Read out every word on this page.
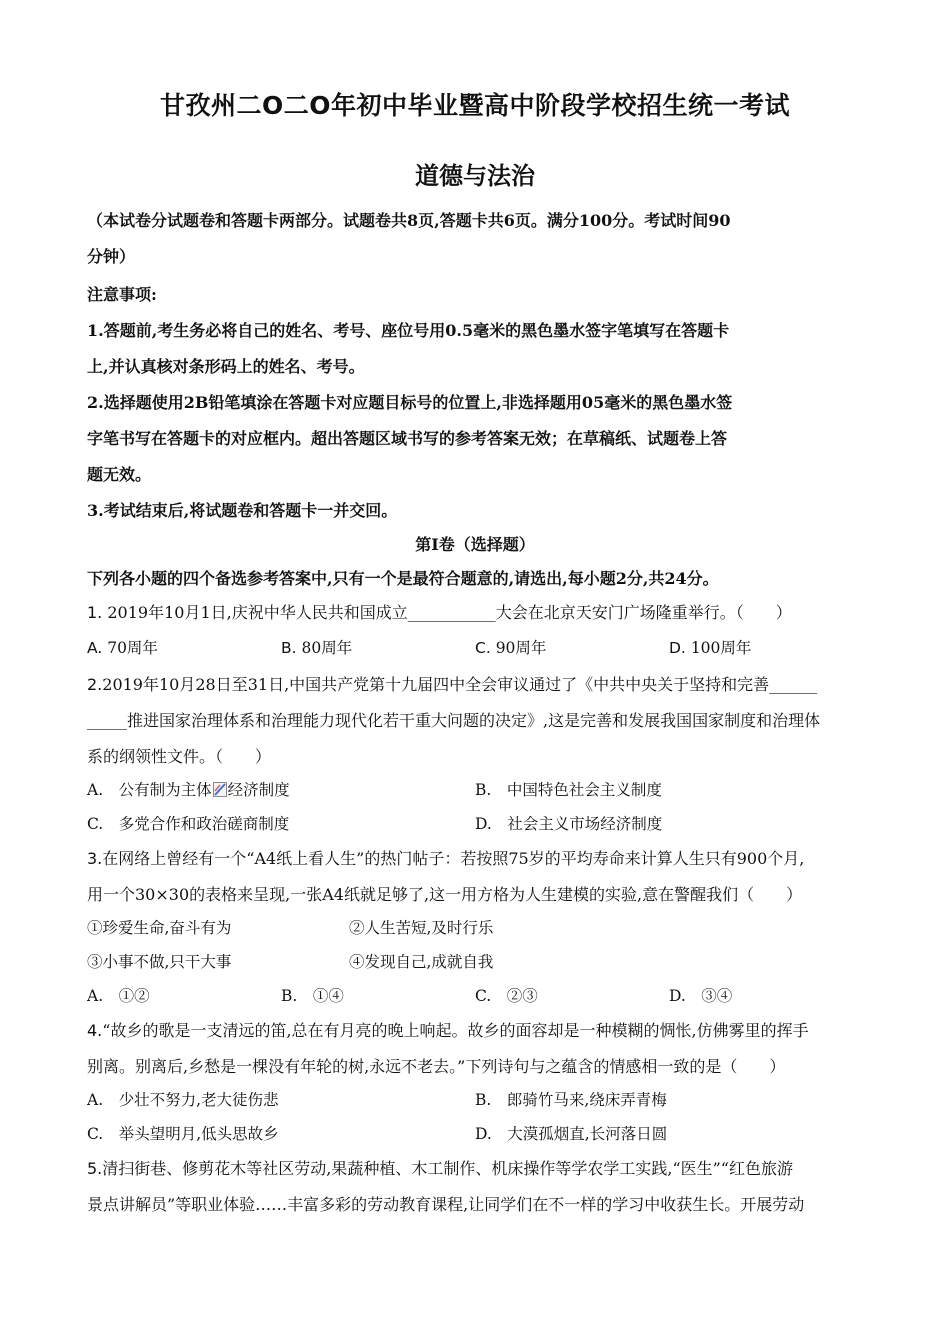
甘孜州二O二O年初中毕业暨高中阶段学校招生统一考试
道德与法治
（本试卷分试题卷和答题卡两部分。试题卷共8页,答题卡共6页。满分100分。考试时间90
分钟）
注意事项:
1.答题前,考生务必将自己的姓名、考号、座位号用0.5毫米的黑色墨水签字笔填写在答题卡
上,并认真核对条形码上的姓名、考号。
2.选择题使用2B铅笔填涂在答题卡对应题目标号的位置上,非选择题用05毫米的黑色墨水签
字笔书写在答题卡的对应框内。超出答题区域书写的参考答案无效；在草稿纸、试题卷上答
题无效。
3.考试结束后,将试题卷和答题卡一并交回。
第Ⅰ卷（选择题）
下列各小题的四个备选参考答案中,只有一个是最符合题意的,请选出,每小题2分,共24分。
1. 2019年10月1日,庆祝中华人民共和国成立___________大会在北京天安门广场隆重举行。（　　）
A. 70周年	B. 80周年	C. 90周年	D. 100周年
2.2019年10月28日至31日,中国共产党第十九届四中全会审议通过了《中共中央关于坚持和完善______
_____推进国家治理体系和治理能力现代化若干重大问题的决定》,这是完善和发展我国国家制度和治理体
系的纲领性文件。（　　）
A.　公有制为主体 经济制度	B.　中国特色社会主义制度
C.　多党合作和政治磋商制度	D.　社会主义市场经济制度
3.在网络上曾经有一个“A4纸上看人生”的热门帖子：若按照75岁的平均寿命来计算人生只有900个月,
用一个30×30的表格来呈现,一张A4纸就足够了,这一用方格为人生建模的实验,意在警醒我们（　　）
①珍爱生命,奋斗有为	②人生苦短,及时行乐
③小事不做,只干大事	④发现自己,成就自我
A.　①②	B.　①④	C.　②③	D.　③④
4.“故乡的歌是一支清远的笛,总在有月亮的晚上响起。故乡的面容却是一种模糊的惆怅,仿佛雾里的挥手
别离。别离后,乡愁是一棵没有年轮的树,永远不老去。”下列诗句与之蕴含的情感相一致的是（　　）
A.　少壮不努力,老大徒伤悲	B.　郎骑竹马来,绕床弄青梅
C.　举头望明月,低头思故乡	D.　大漠孤烟直,长河落日圆
5.清扫街巷、修剪花木等社区劳动,果蔬种植、木工制作、机床操作等学农学工实践,“医生”“红色旅游
景点讲解员”等职业体验……丰富多彩的劳动教育课程,让同学们在不一样的学习中收获生长。开展劳动
